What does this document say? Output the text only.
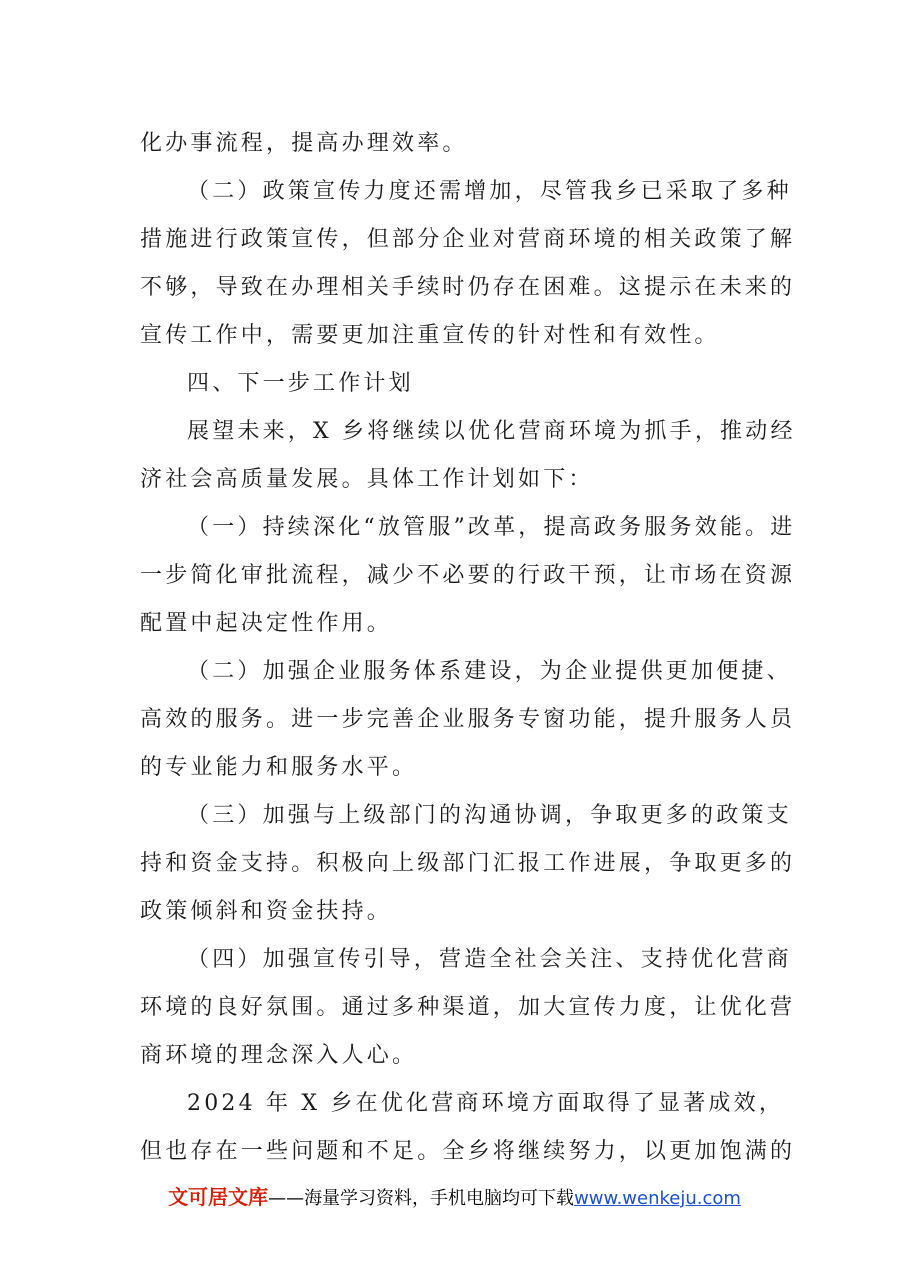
化办事流程，提高办理效率。

（二）政策宣传力度还需增加，尽管我乡已采取了多种措施进行政策宣传，但部分企业对营商环境的相关政策了解不够，导致在办理相关手续时仍存在困难。这提示在未来的宣传工作中，需要更加注重宣传的针对性和有效性。

四、下一步工作计划

展望未来，X 乡将继续以优化营商环境为抓手，推动经济社会高质量发展。具体工作计划如下：

（一）持续深化“放管服”改革，提高政务服务效能。进一步简化审批流程，减少不必要的行政干预，让市场在资源配置中起决定性作用。

（二）加强企业服务体系建设，为企业提供更加便捷、高效的服务。进一步完善企业服务专窗功能，提升服务人员的专业能力和服务水平。

（三）加强与上级部门的沟通协调，争取更多的政策支持和资金支持。积极向上级部门汇报工作进展，争取更多的政策倾斜和资金扶持。

（四）加强宣传引导，营造全社会关注、支持优化营商环境的良好氛围。通过多种渠道，加大宣传力度，让优化营商环境的理念深入人心。

2024 年 X 乡在优化营商环境方面取得了显著成效，但也存在一些问题和不足。全乡将继续努力，以更加饱满的

文可居文库——海量学习资料，手机电脑均可下载www.wenkeju.com
